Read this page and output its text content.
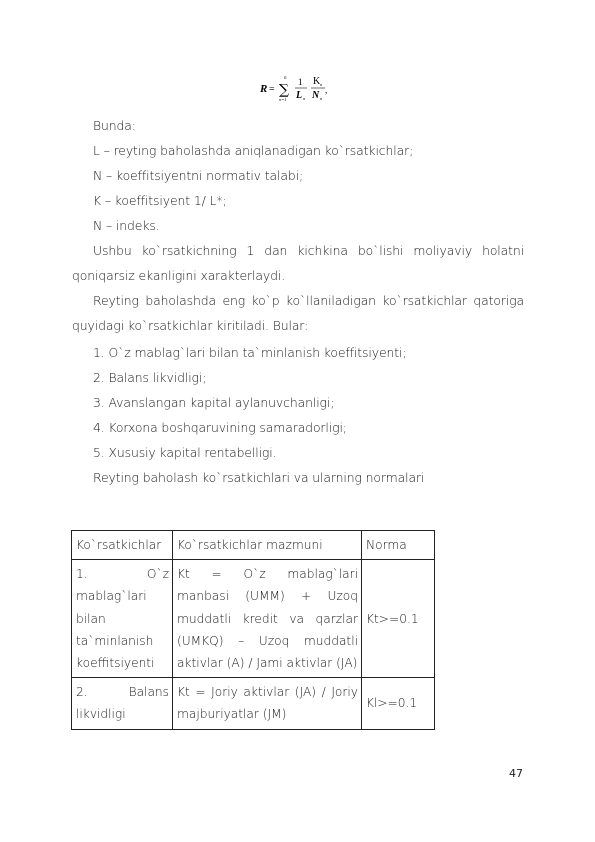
R =
n
∑
n=1
1
L n
K n
N n
,
Bunda:
L – reyting baholashda aniqlanadigan ko`rsatkichlar;
N – koeffitsiyentni normativ talabi;
K – koeffitsiyent 1/ L*;
N – indeks.
Ushbu ko`rsatkichning 1 dan kichkina bo`lishi moliyaviy holatni
qoniqarsiz ekanligini xarakterlaydi.
Reyting baholashda eng ko`p ko`llaniladigan ko`rsatkichlar qatoriga
quyidagi ko`rsatkichlar kiritiladi. Bular:
1. O`z mablag`lari bilan ta`minlanish koeffitsiyenti;
2. Balans likvidligi;
3. Avanslangan kapital aylanuvchanligi;
4. Korxona boshqaruvining samaradorligi;
5. Xususiy kapital rentabelligi.
Reyting baholash ko`rsatkichlari va ularning normalari
Ko`rsatkichlar	Ko`rsatkichlar mazmuni	Norma
1. O`z mablag`lari bilan ta`minlanish koeffitsiyenti	Kt = O`z mablag`lari manbasi (UMM) + Uzoq muddatli kredit va qarzlar (UMKQ) – Uzoq muddatli aktivlar (A) / Jami aktivlar (JA)	Kt>=0.1
2. Balans likvidligi	Kt = Joriy aktivlar (JA) / Joriy majburiyatlar (JM)	Kl>=0.1
47
